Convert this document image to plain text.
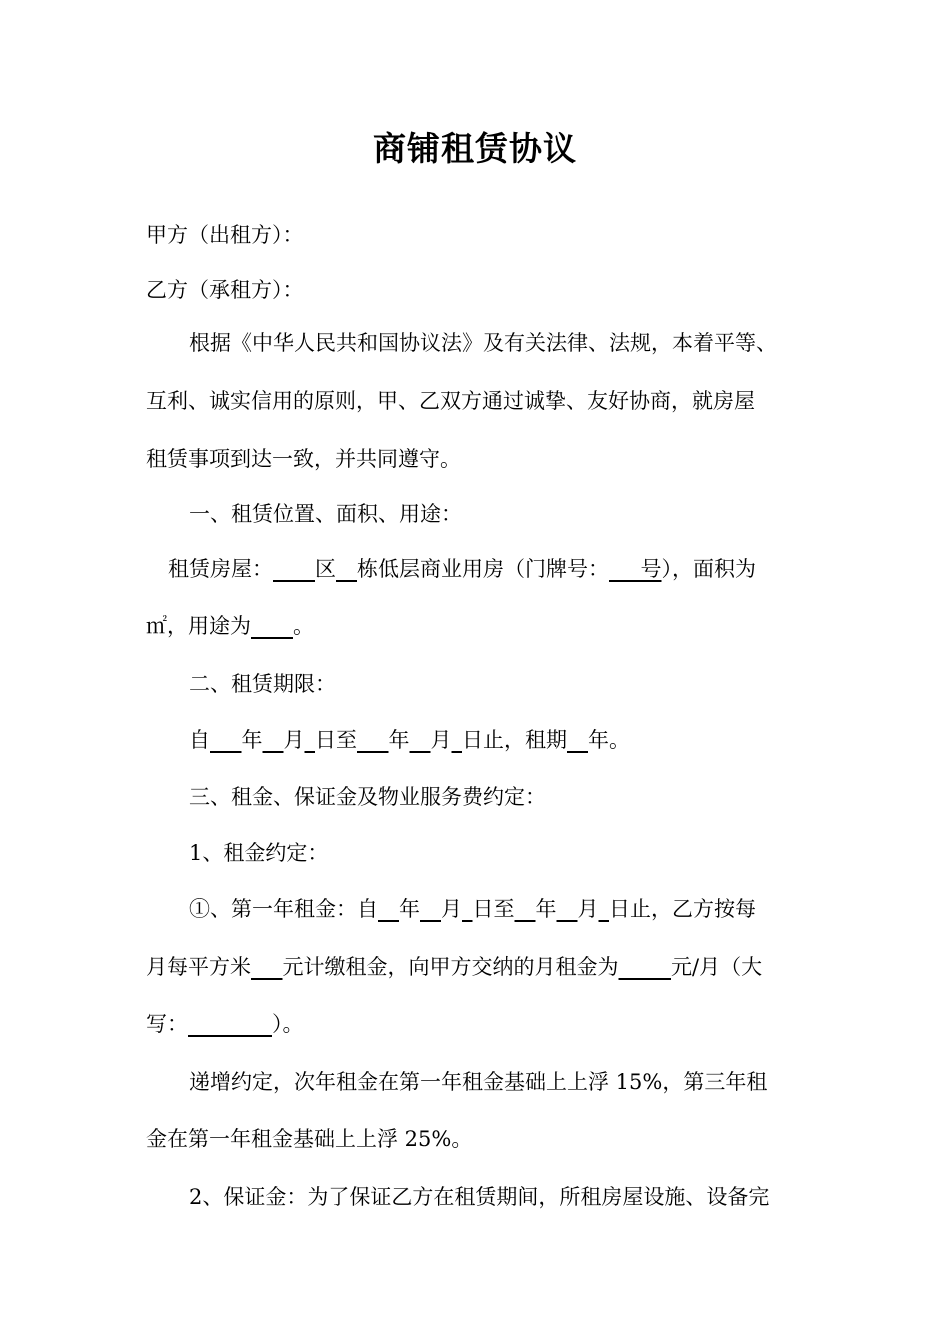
商铺租赁协议
甲方（出租方）：
乙方（承租方）：
根据《中华人民共和国协议法》及有关法律、法规，本着平等、
互利、诚实信用的原则，甲、乙双方通过诚挚、友好协商，就房屋
租赁事项到达一致，并共同遵守。
一、租赁位置、面积、用途：
租赁房屋：____区__栋低层商业用房（门牌号：___号），面积为
㎡，用途为____。
二、租赁期限：
自___年__月_日至___年__月_日止，租期__年。
三、租金、保证金及物业服务费约定：
1、租金约定：
①、第一年租金：自__年__月_日至__年__月_日止，乙方按每
月每平方米___元计缴租金，向甲方交纳的月租金为_____元/月（大
写：________）。
递增约定，次年租金在第一年租金基础上上浮 15%，第三年租
金在第一年租金基础上上浮 25%。
2、保证金：为了保证乙方在租赁期间，所租房屋设施、设备完
